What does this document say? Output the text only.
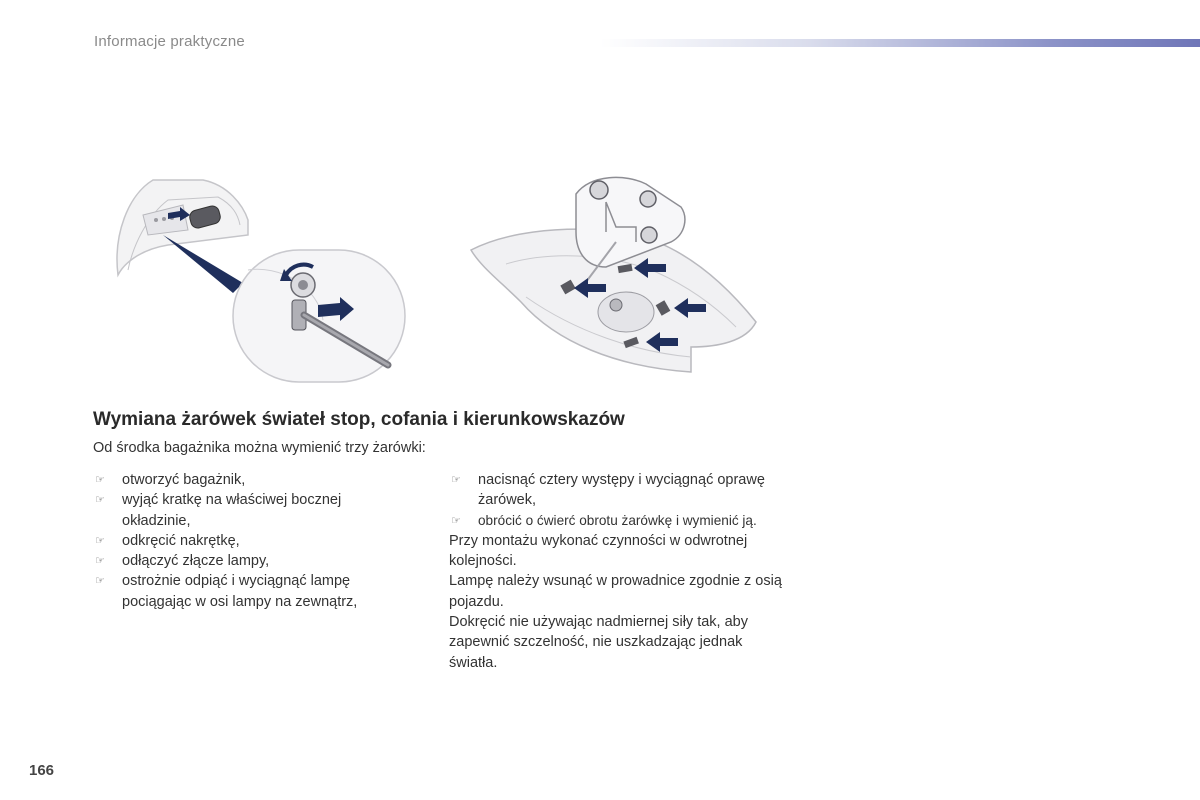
Informacje praktyczne
Wymiana żarówek świateł stop, cofania i kierunkowskazów
Od środka bagażnika można wymienić trzy żarówki:

☞ otworzyć bagażnik,

☞ wyjąć kratkę na właściwej bocznej okładzinie,

☞ odkręcić nakrętkę,

☞ odłączyć złącze lampy,

☞ ostrożnie odpiąć i wyciągnąć lampę pociągając w osi lampy na zewnątrz,

☞ nacisnąć cztery występy i wyciągnąć oprawę żarówek,

☞ obrócić o ćwierć obrotu żarówkę i wymienić ją.

Przy montażu wykonać czynności w odwrotnej kolejności.

Lampę należy wsunąć w prowadnice zgodnie z osią pojazdu.

Dokręcić nie używając nadmiernej siły tak, aby zapewnić szczelność, nie uszkadzając jednak światła.

166
